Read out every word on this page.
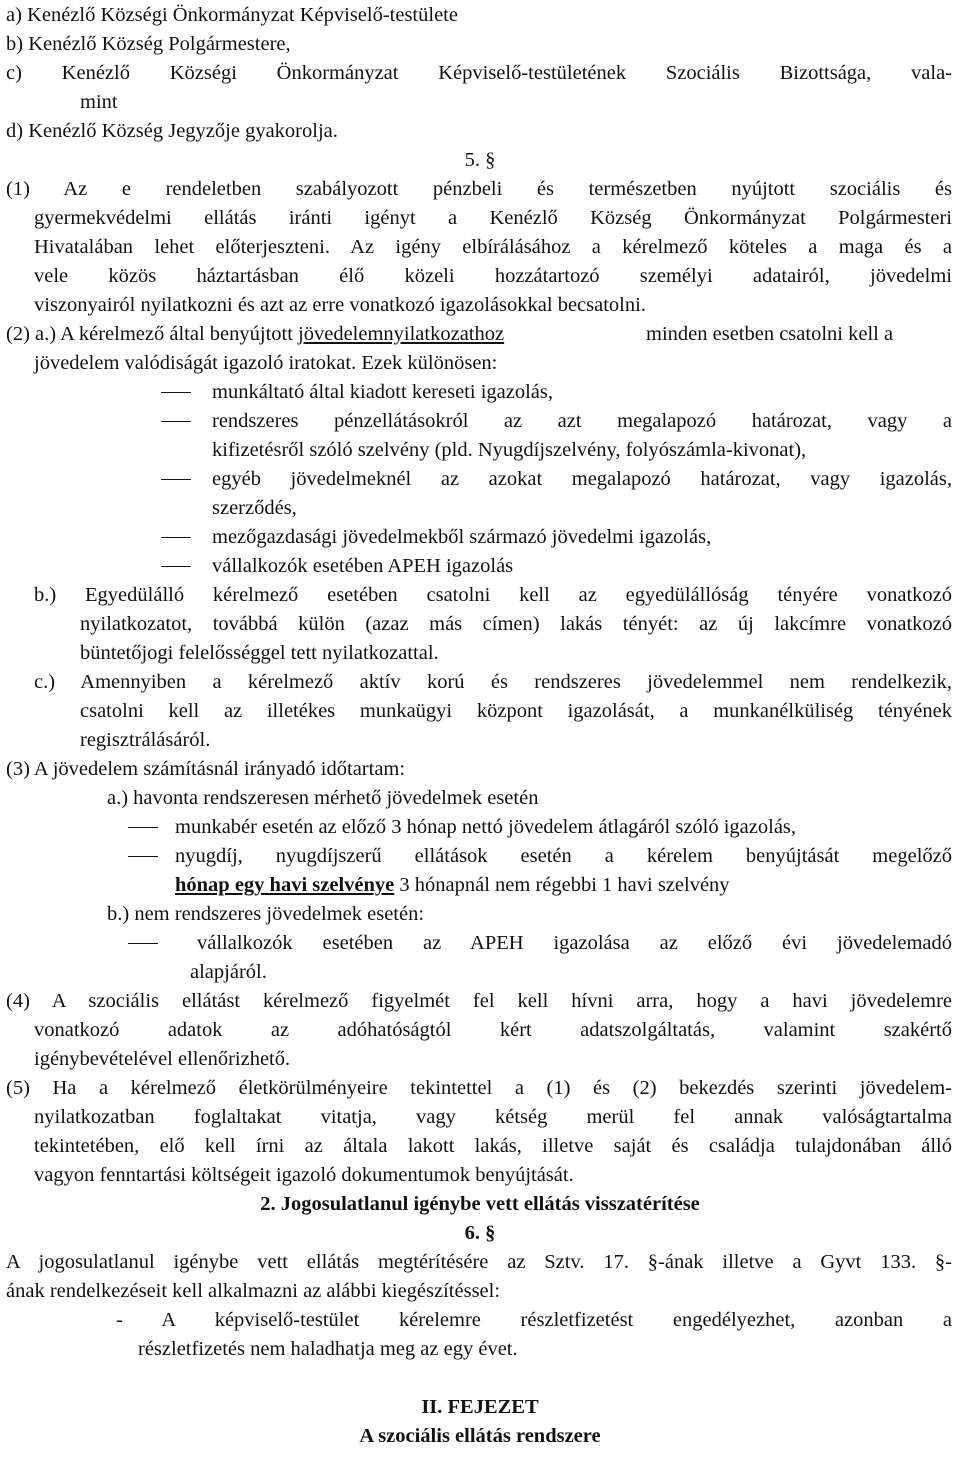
a) Kenézlő Községi Önkormányzat Képviselő-testülete
b) Kenézlő Község Polgármestere,
c) Kenézlő Községi Önkormányzat Képviselő-testületének Szociális Bizottsága, vala-
mint
d) Kenézlő Község Jegyzője gyakorolja.
5. §
(1) Az e rendeletben szabályozott pénzbeli és természetben nyújtott szociális és
gyermekvédelmi ellátás iránti igényt a Kenézlő Község Önkormányzat Polgármesteri
Hivatalában lehet előterjeszteni. Az igény elbírálásához a kérelmező köteles a maga és a
vele közös háztartásban élő közeli hozzátartozó személyi adatairól, jövedelmi
viszonyairól nyilatkozni és azt az erre vonatkozó igazolásokkal becsatolni.
(2) a.) A kérelmező által benyújtott jövedelemnyilatkozathoz	minden esetben csatolni kell a
jövedelem valódiságát igazoló iratokat. Ezek különösen:
munkáltató által kiadott kereseti igazolás,
rendszeres pénzellátásokról az azt megalapozó határozat, vagy a
kifizetésről szóló szelvény (pld. Nyugdíjszelvény, folyószámla-kivonat),
egyéb jövedelmeknél az azokat megalapozó határozat, vagy igazolás,
szerződés,
mezőgazdasági jövedelmekből származó jövedelmi igazolás,
vállalkozók esetében APEH igazolás
b.) Egyedülálló kérelmező esetében csatolni kell az egyedülállóság tényére vonatkozó
nyilatkozatot, továbbá külön (azaz más címen) lakás tényét: az új lakcímre vonatkozó
büntetőjogi felelősséggel tett nyilatkozattal.
c.) Amennyiben a kérelmező aktív korú és rendszeres jövedelemmel nem rendelkezik,
csatolni kell az illetékes munkaügyi központ igazolását, a munkanélküliség tényének
regisztrálásáról.
(3) A jövedelem számításnál irányadó időtartam:
a.) havonta rendszeresen mérhető jövedelmek esetén
munkabér esetén az előző 3 hónap nettó jövedelem átlagáról szóló igazolás,
nyugdíj, nyugdíjszerű ellátások esetén a kérelem benyújtását megelőző
hónap egy havi szelvénye 3 hónapnál nem régebbi 1 havi szelvény
b.) nem rendszeres jövedelmek esetén:
vállalkozók esetében az APEH igazolása az előző évi jövedelemadó
alapjáról.
(4) A szociális ellátást kérelmező figyelmét fel kell hívni arra, hogy a havi jövedelemre
vonatkozó adatok az adóhatóságtól kért adatszolgáltatás, valamint szakértő
igénybevételével ellenőrizhető.
(5) Ha a kérelmező életkörülményeire tekintettel a (1) és (2) bekezdés szerinti jövedelem-
nyilatkozatban foglaltakat vitatja, vagy kétség merül fel annak valóságtartalma
tekintetében, elő kell írni az általa lakott lakás, illetve saját és családja tulajdonában álló
vagyon fenntartási költségeit igazoló dokumentumok benyújtását.
2. Jogosulatlanul igénybe vett ellátás visszatérítése
6. §
A jogosulatlanul igénybe vett ellátás megtérítésére az Sztv. 17. §-ának illetve a Gyvt 133. §-
ának rendelkezéseit kell alkalmazni az alábbi kiegészítéssel:
- A képviselő-testület kérelemre részletfizetést engedélyezhet, azonban a
részletfizetés nem haladhatja meg az egy évet.
II. FEJEZET
A szociális ellátás rendszere
